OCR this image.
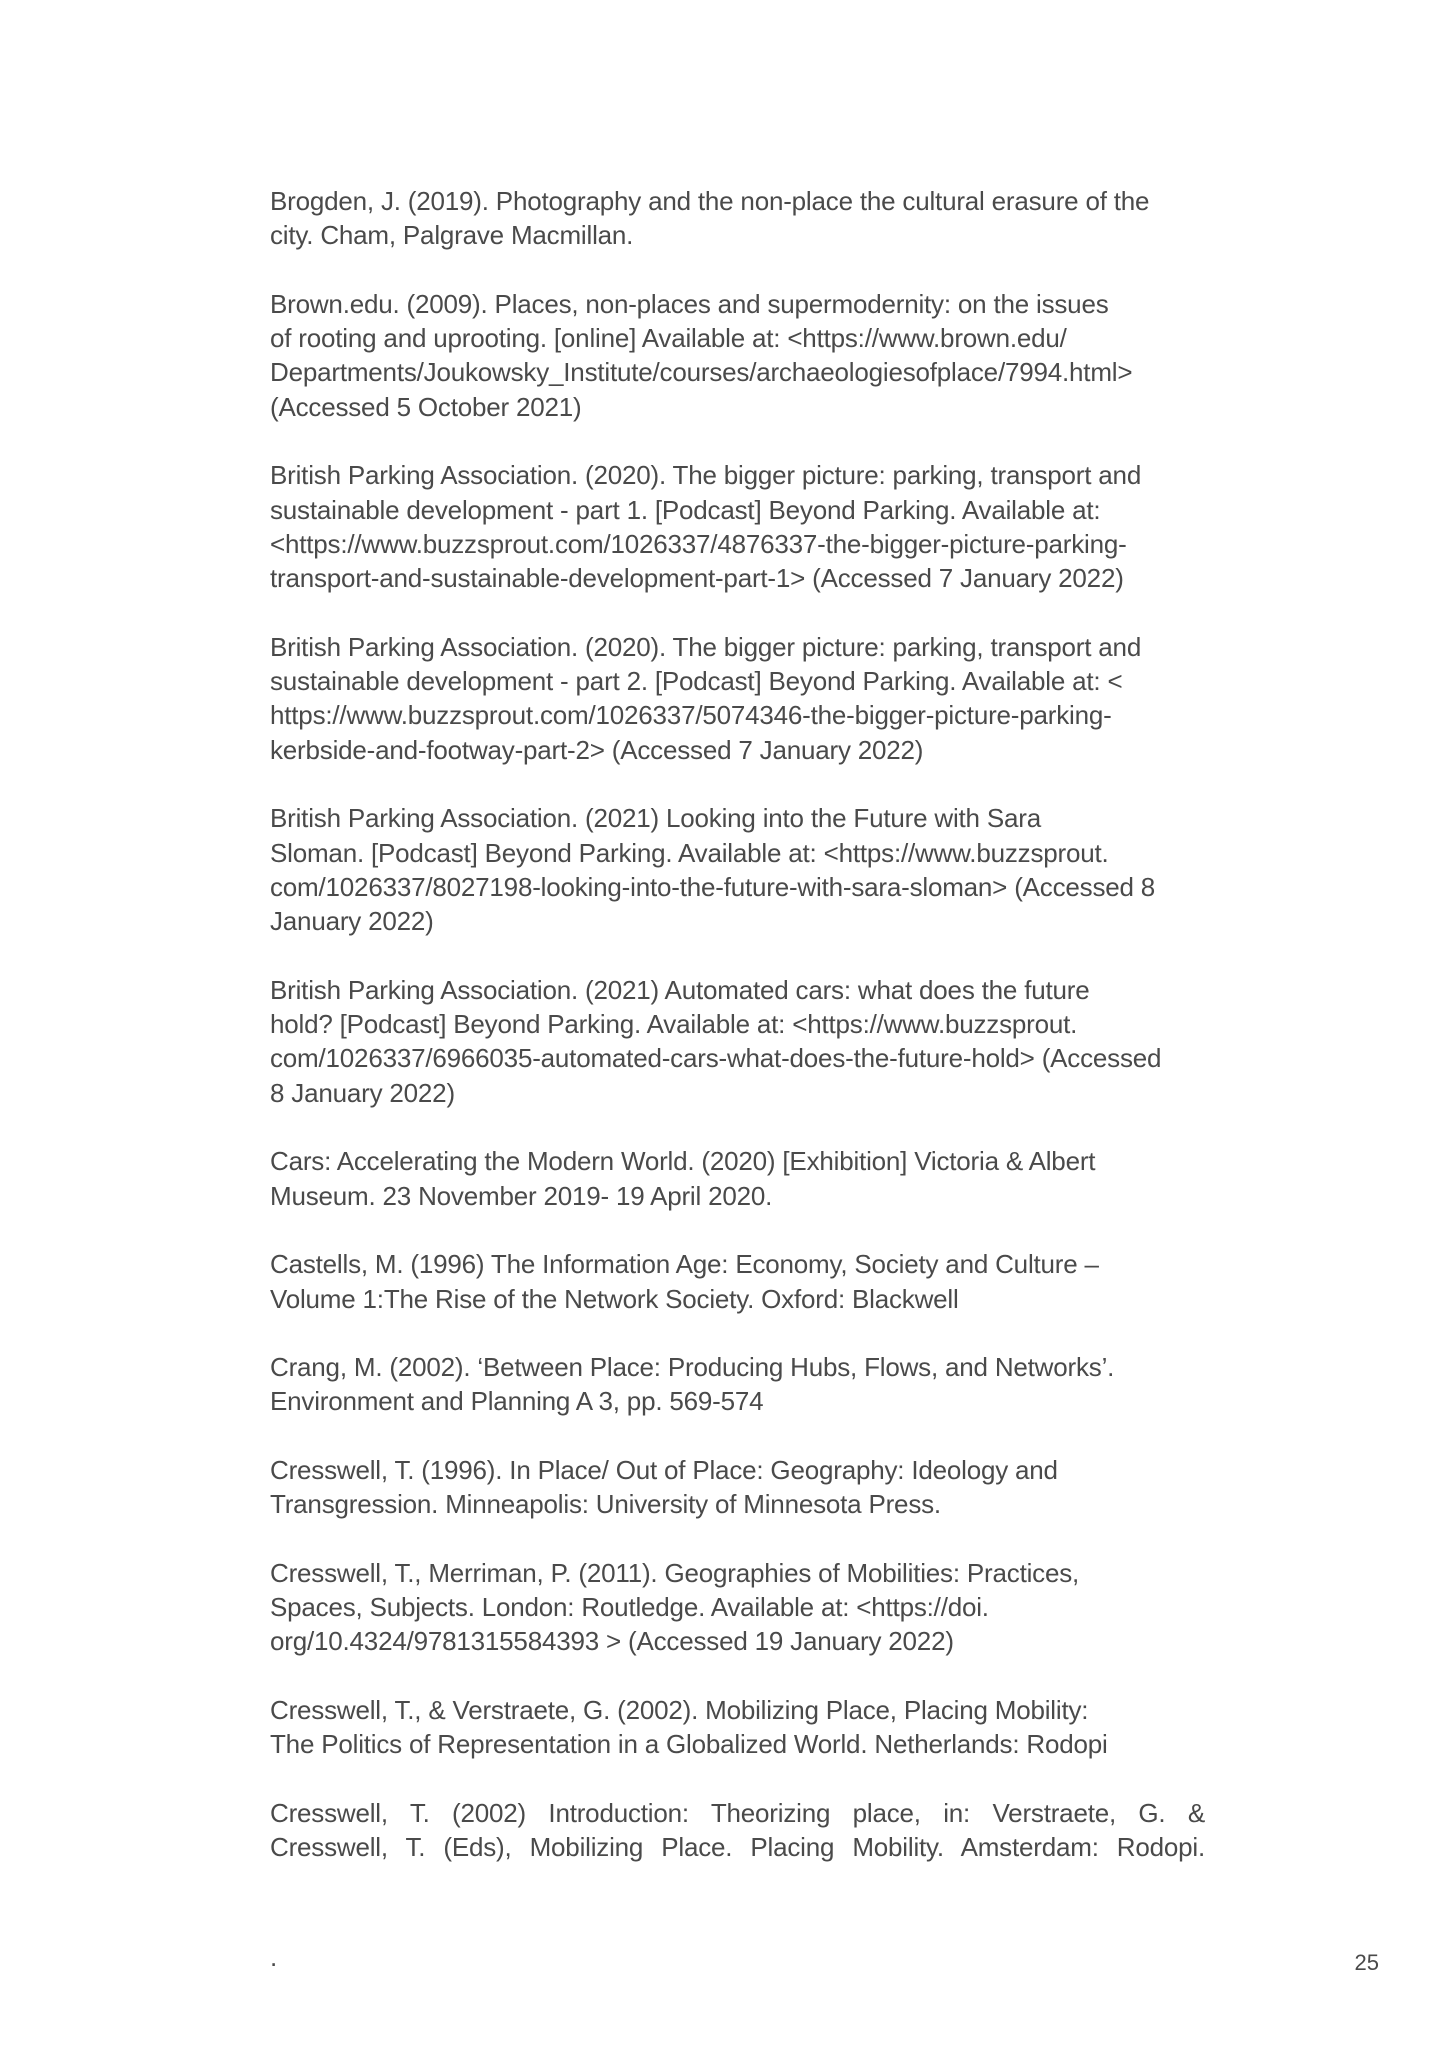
Brogden, J. (2019). Photography and the non-place the cultural erasure of the
city. Cham, Palgrave Macmillan.

Brown.edu. (2009). Places, non-places and supermodernity: on the issues
of rooting and uprooting. [online] Available at: <https://www.brown.edu/
Departments/Joukowsky_Institute/courses/archaeologiesofplace/7994.html>
(Accessed 5 October 2021)

British Parking Association. (2020). The bigger picture: parking, transport and
sustainable development - part 1. [Podcast] Beyond Parking. Available at:
<https://www.buzzsprout.com/1026337/4876337-the-bigger-picture-parking-
transport-and-sustainable-development-part-1> (Accessed 7 January 2022)

British Parking Association. (2020). The bigger picture: parking, transport and
sustainable development - part 2. [Podcast] Beyond Parking. Available at: <
https://www.buzzsprout.com/1026337/5074346-the-bigger-picture-parking-
kerbside-and-footway-part-2> (Accessed 7 January 2022)

British Parking Association. (2021) Looking into the Future with Sara
Sloman. [Podcast] Beyond Parking. Available at: <https://www.buzzsprout.
com/1026337/8027198-looking-into-the-future-with-sara-sloman> (Accessed 8
January 2022)

British Parking Association. (2021) Automated cars: what does the future
hold? [Podcast] Beyond Parking. Available at: <https://www.buzzsprout.
com/1026337/6966035-automated-cars-what-does-the-future-hold> (Accessed
8 January 2022)

Cars: Accelerating the Modern World. (2020) [Exhibition] Victoria & Albert
Museum. 23 November 2019- 19 April 2020.

Castells, M. (1996) The Information Age: Economy, Society and Culture –
Volume 1:The Rise of the Network Society. Oxford: Blackwell

Crang, M. (2002). ‘Between Place: Producing Hubs, Flows, and Networks’.
Environment and Planning A 3, pp. 569-574

Cresswell, T. (1996). In Place/ Out of Place: Geography: Ideology and
Transgression. Minneapolis: University of Minnesota Press.

Cresswell, T., Merriman, P. (2011). Geographies of Mobilities: Practices,
Spaces, Subjects. London: Routledge. Available at: <https://doi.
org/10.4324/9781315584393 > (Accessed 19 January 2022)

Cresswell, T., & Verstraete, G. (2002). Mobilizing Place, Placing Mobility:
The Politics of Representation in a Globalized World. Netherlands: Rodopi

Cresswell, T. (2002) Introduction: Theorizing place, in: Verstraete, G. &
Cresswell, T. (Eds), Mobilizing Place. Placing Mobility. Amsterdam: Rodopi.

.	25
